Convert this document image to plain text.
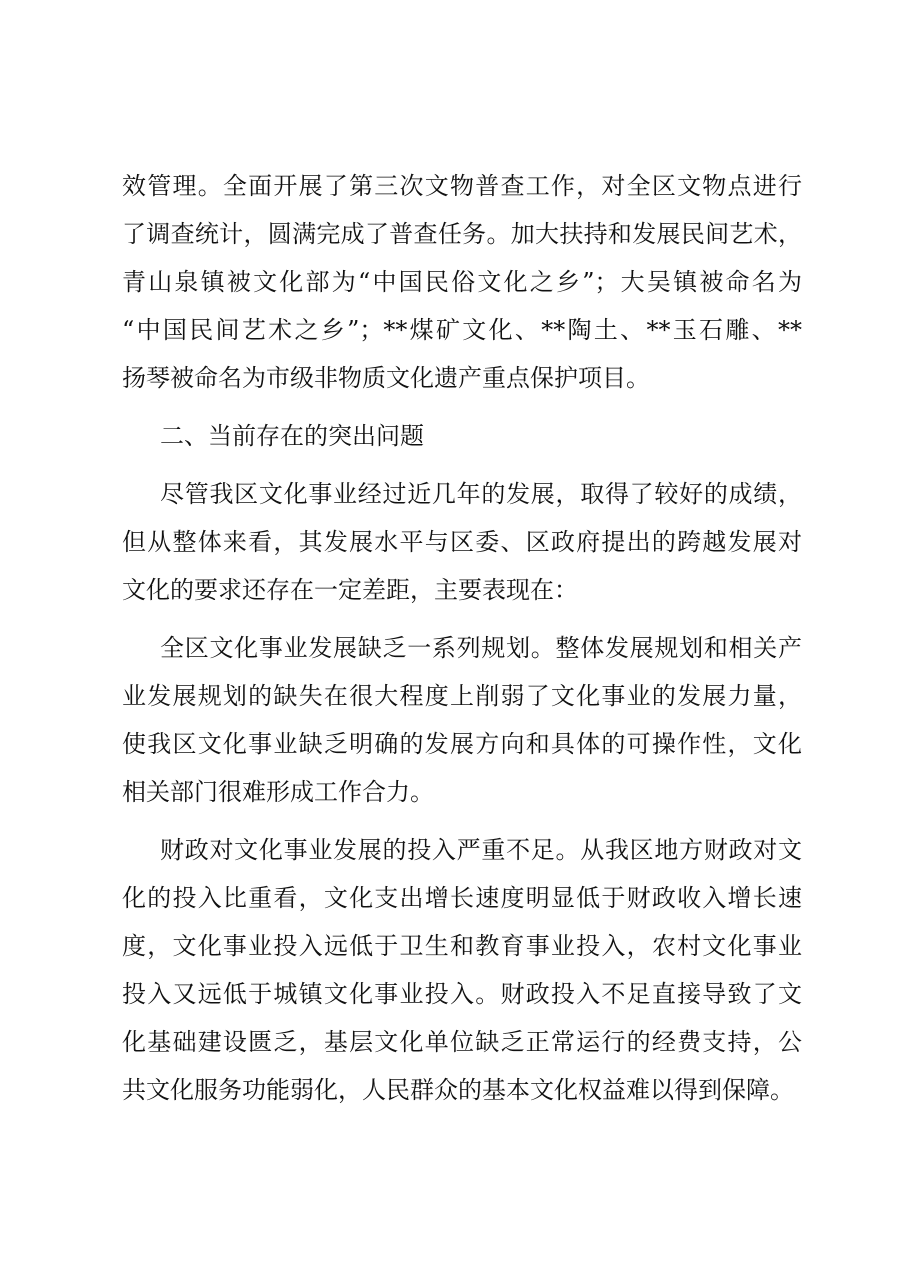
效管理。全面开展了第三次文物普查工作，对全区文物点进行
了调查统计，圆满完成了普查任务。加大扶持和发展民间艺术，
青山泉镇被文化部为“中国民俗文化之乡”；大吴镇被命名为
“中国民间艺术之乡”；**煤矿文化、**陶土、**玉石雕、**
扬琴被命名为市级非物质文化遗产重点保护项目。
二、当前存在的突出问题
尽管我区文化事业经过近几年的发展，取得了较好的成绩，
但从整体来看，其发展水平与区委、区政府提出的跨越发展对
文化的要求还存在一定差距，主要表现在：
全区文化事业发展缺乏一系列规划。整体发展规划和相关产
业发展规划的缺失在很大程度上削弱了文化事业的发展力量，
使我区文化事业缺乏明确的发展方向和具体的可操作性，文化
相关部门很难形成工作合力。
财政对文化事业发展的投入严重不足。从我区地方财政对文
化的投入比重看，文化支出增长速度明显低于财政收入增长速
度，文化事业投入远低于卫生和教育事业投入，农村文化事业
投入又远低于城镇文化事业投入。财政投入不足直接导致了文
化基础建设匮乏，基层文化单位缺乏正常运行的经费支持，公
共文化服务功能弱化，人民群众的基本文化权益难以得到保障。
